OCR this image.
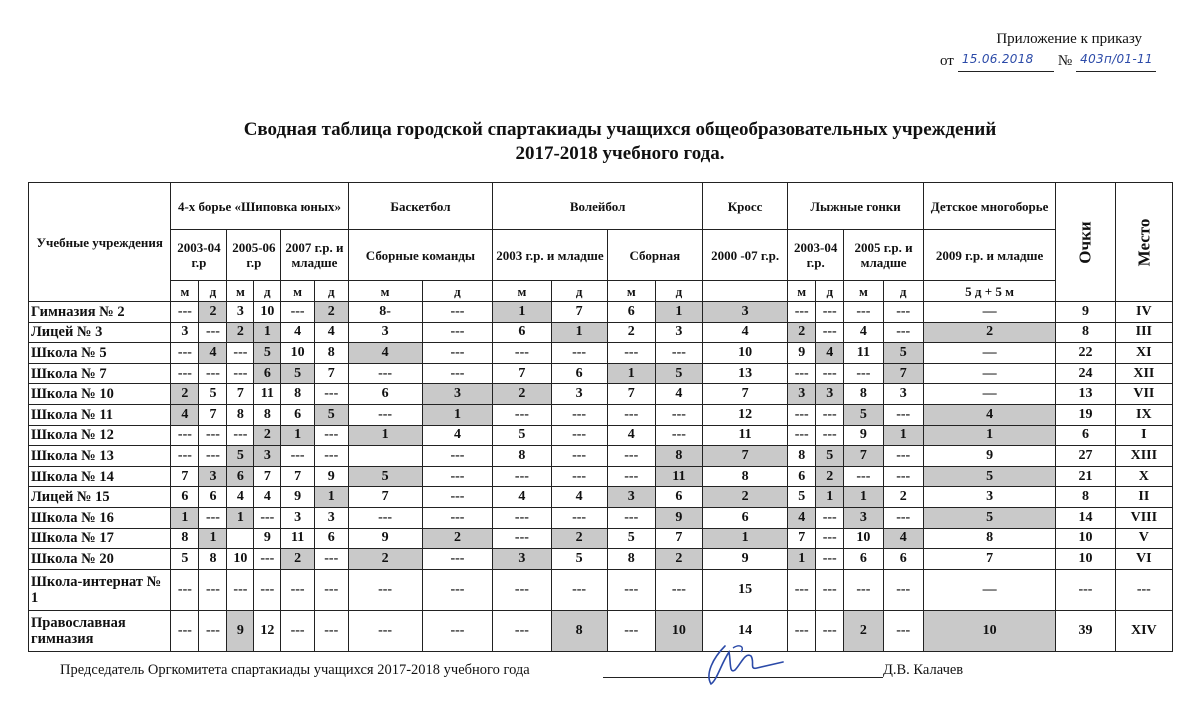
Приложение к приказу
от 15.06.2018 № 403п/01-11
Сводная таблица городской спартакиады учащихся общеобразовательных учреждений
2017-2018 учебного года.
Учебные учреждения	4-х борье «Шиповка юных»						Баскетбол		Волейбол				Кросс	Лыжные гонки				Детское многоборье	Очки	Место

	2003-04 г.р		2005-06 г.р		2007 г.р. и младше		Сборные команды		2003 г.р. и младше		Сборная		2000 -07 г.р.	2003-04 г.р.		2005 г.р. и младше		2009 г.р. и младше		
	м	д	м	д	м	д	м	д	м	д	м	д		м	д	м	д	5 д + 5 м		
Гимназия № 2	---	2	3	10	---	2	8-	---	1	7	6	1	3	---	---	---	---	—	9	IV
Лицей № 3	3	---	2	1	4	4	3	---	6	1	2	3	4	2	---	4	---	2	8	III
Школа № 5	---	4	---	5	10	8	4	---	---	---	---	---	10	9	4	11	5	—	22	XI
Школа № 7	---	---	---	6	5	7	---	---	7	6	1	5	13	---	---	---	7	—	24	XII
Школа № 10	2	5	7	11	8	---	6	3	2	3	7	4	7	3	3	8	3	—	13	VII
Школа № 11	4	7	8	8	6	5	---	1	---	---	---	---	12	---	---	5	---	4	19	IX
Школа № 12	---	---	---	2	1	---	1	4	5	---	4	---	11	---	---	9	1	1	6	I
Школа № 13	---	---	5	3	---	---		---	8	---	---	8	7	8	5	7	---	9	27	XIII
Школа № 14	7	3	6	7	7	9	5	---	---	---	---	11	8	6	2	---	---	5	21	X
Лицей № 15	6	6	4	4	9	1	7	---	4	4	3	6	2	5	1	1	2	3	8	II
Школа № 16	1	---	1	---	3	3	---	---	---	---	---	9	6	4	---	3	---	5	14	VIII
Школа № 17	8	1		9	11	6	9	2	---	2	5	7	1	7	---	10	4	8	10	V
Школа № 20	5	8	10	---	2	---	2	---	3	5	8	2	9	1	---	6	6	7	10	VI
Школа-интернат № 1	---	---	---	---	---	---	---	---	---	---	---	---	15	---	---	---	---	—	---	---
Православная гимназия	---	---	9	12	---	---	---	---	---	8	---	10	14	---	---	2	---	10	39	XIV
Председатель Оргкомитета спартакиады учащихся 2017-2018 учебного года	Д.В. Калачев
